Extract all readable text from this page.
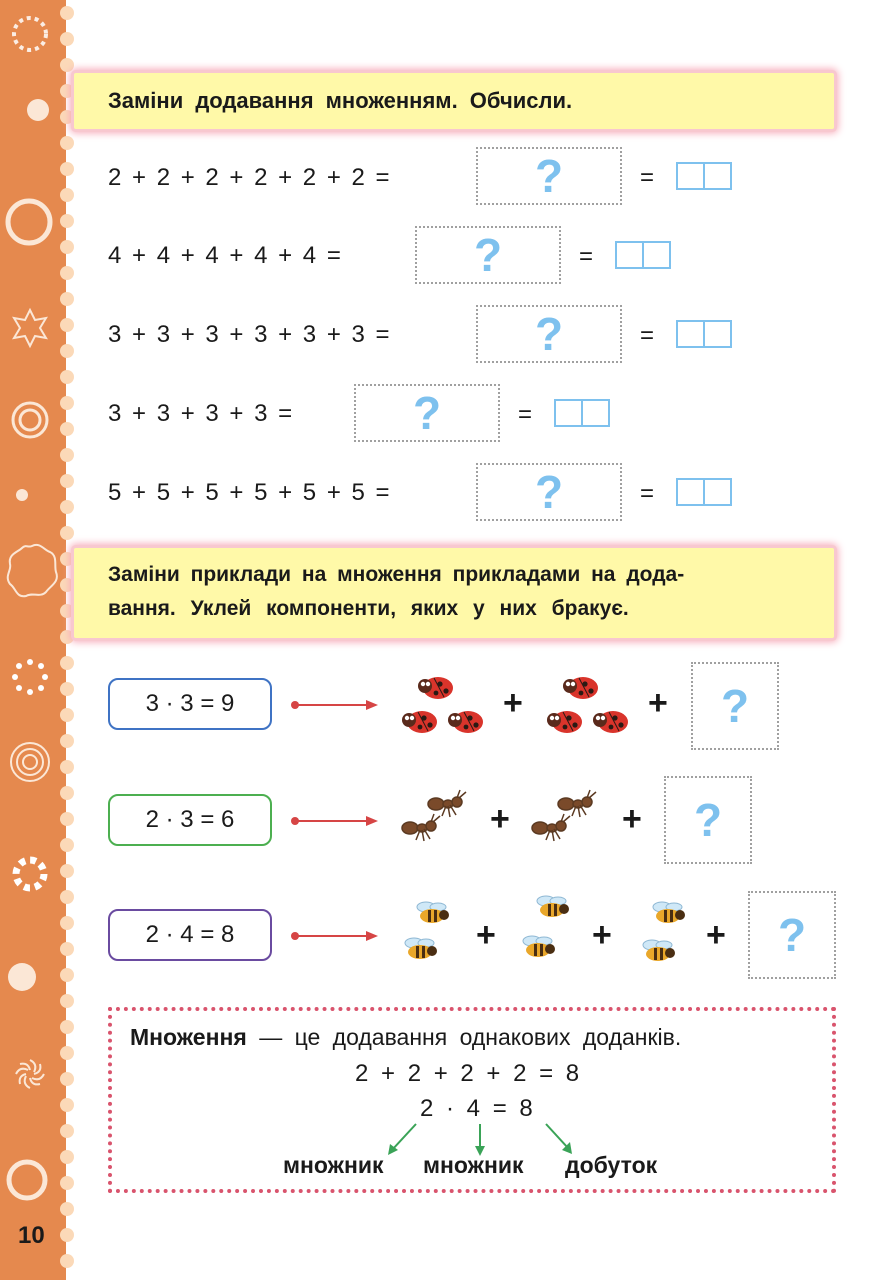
10
Заміни додавання множенням. Обчисли.
2 + 2 + 2 + 2 + 2 + 2 =	?	=
4 + 4 + 4 + 4 + 4 =	?	=
3 + 3 + 3 + 3 + 3 + 3 =	?	=
3 + 3 + 3 + 3 =	?	=
5 + 5 + 5 + 5 + 5 + 5 =	?	=
Заміни приклади на множення прикладами на дода-
вання. Уклей компоненти, яких у них бракує.
3 · 3 = 9	+	+	?
2 · 3 = 6	+	+	?
2 · 4 = 8	+	+	+	?
Множення — це додавання однакових доданків.
2 + 2 + 2 + 2 = 8
2 · 4 = 8
множник множник добуток
